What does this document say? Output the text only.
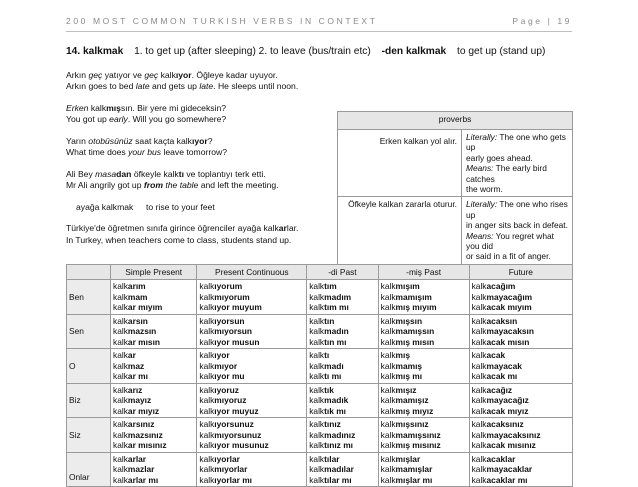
200 MOST COMMON TURKISH VERBS IN CONTEXT	Page | 19
14. kalkmak 1. to get up (after sleeping) 2. to leave (bus/train etc) -den kalkmak to get up (stand up)

Arkın geç yatıyor ve geç kalkıyor. Öğleye kadar uyuyor.
Arkın goes to bed late and gets up late. He sleeps until noon.

Erken kalkmışsın. Bir yere mi gideceksin?
You got up early. Will you go somewhere?

Yarın otobüsünüz saat kaçta kalkıyor?
What time does your bus leave tomorrow?

Ali Bey masadan öfkeyle kalktı ve toplantıyı terk etti.
Mr Ali angrily got up from the table and left the meeting.

ayağa kalkmak to rise to your feet

Türkiye'de öğretmen sınıfa girince öğrenciler ayağa kalkarlar.
In Turkey, when teachers come to class, students stand up.

proverbs	
Erken kalkan yol alır.	Literally: The one who gets up
early goes ahead.
Means: The early bird catches
the worm.
Öfkeyle kalkan zararla oturur.	Literally: The one who rises up
in anger sits back in defeat.
Means: You regret what you did
or said in a fit of anger.
	Simple Present	Present Continuous	-di Past	-miş Past	Future
Ben	kalkarım
kalkmam
kalkar mıyım	kalkıyorum
kalkmıyorum
kalkıyor muyum	kalktım
kalkmadım
kalktım mı	kalkmışım
kalkmamışım
kalkmış mıyım	kalkacağım
kalkmayacağım
kalkacak mıyım

Sen	kalkarsın
kalkmazsın
kalkar mısın	kalkıyorsun
kalkmıyorsun
kalkıyor musun	kalktın
kalkmadın
kalktın mı	kalkmışsın
kalkmamışsın
kalkmış mısın	kalkacaksın
kalkmayacaksın
kalkacak mısın

O	kalkar
kalkmaz
kalkar mı	kalkıyor
kalkmıyor
kalkıyor mu	kalktı
kalkmadı
kalktı mı	kalkmış
kalkmamış
kalkmış mı	kalkacak
kalkmayacak
kalkacak mı

Biz	kalkarız
kalkmayız
kalkar mıyız	kalkıyoruz
kalkmıyoruz
kalkıyor muyuz	kalktık
kalkmadık
kalktık mı	kalkmışız
kalkmamışız
kalkmış mıyız	kalkacağız
kalkmayacağız
kalkacak mıyız

Siz	kalkarsınız
kalkmazsınız
kalkar mısınız	kalkıyorsunuz
kalkmıyorsunuz
kalkıyor musunuz	kalktınız
kalkmadınız
kalktınız mı	kalkmışsınız
kalkmamışsınız
kalkmış mısınız	kalkacaksınız
kalkmayacaksınız
kalkacak mısınız

Onlar	kalkarlar
kalkmazlar
kalkarlar mı	kalkıyorlar
kalkmıyorlar
kalkıyorlar mı	kalktılar
kalkmadılar
kalktılar mı	kalkmışlar
kalkmamışlar
kalkmışlar mı	kalkacaklar
kalkmayacaklar
kalkacaklar mı
